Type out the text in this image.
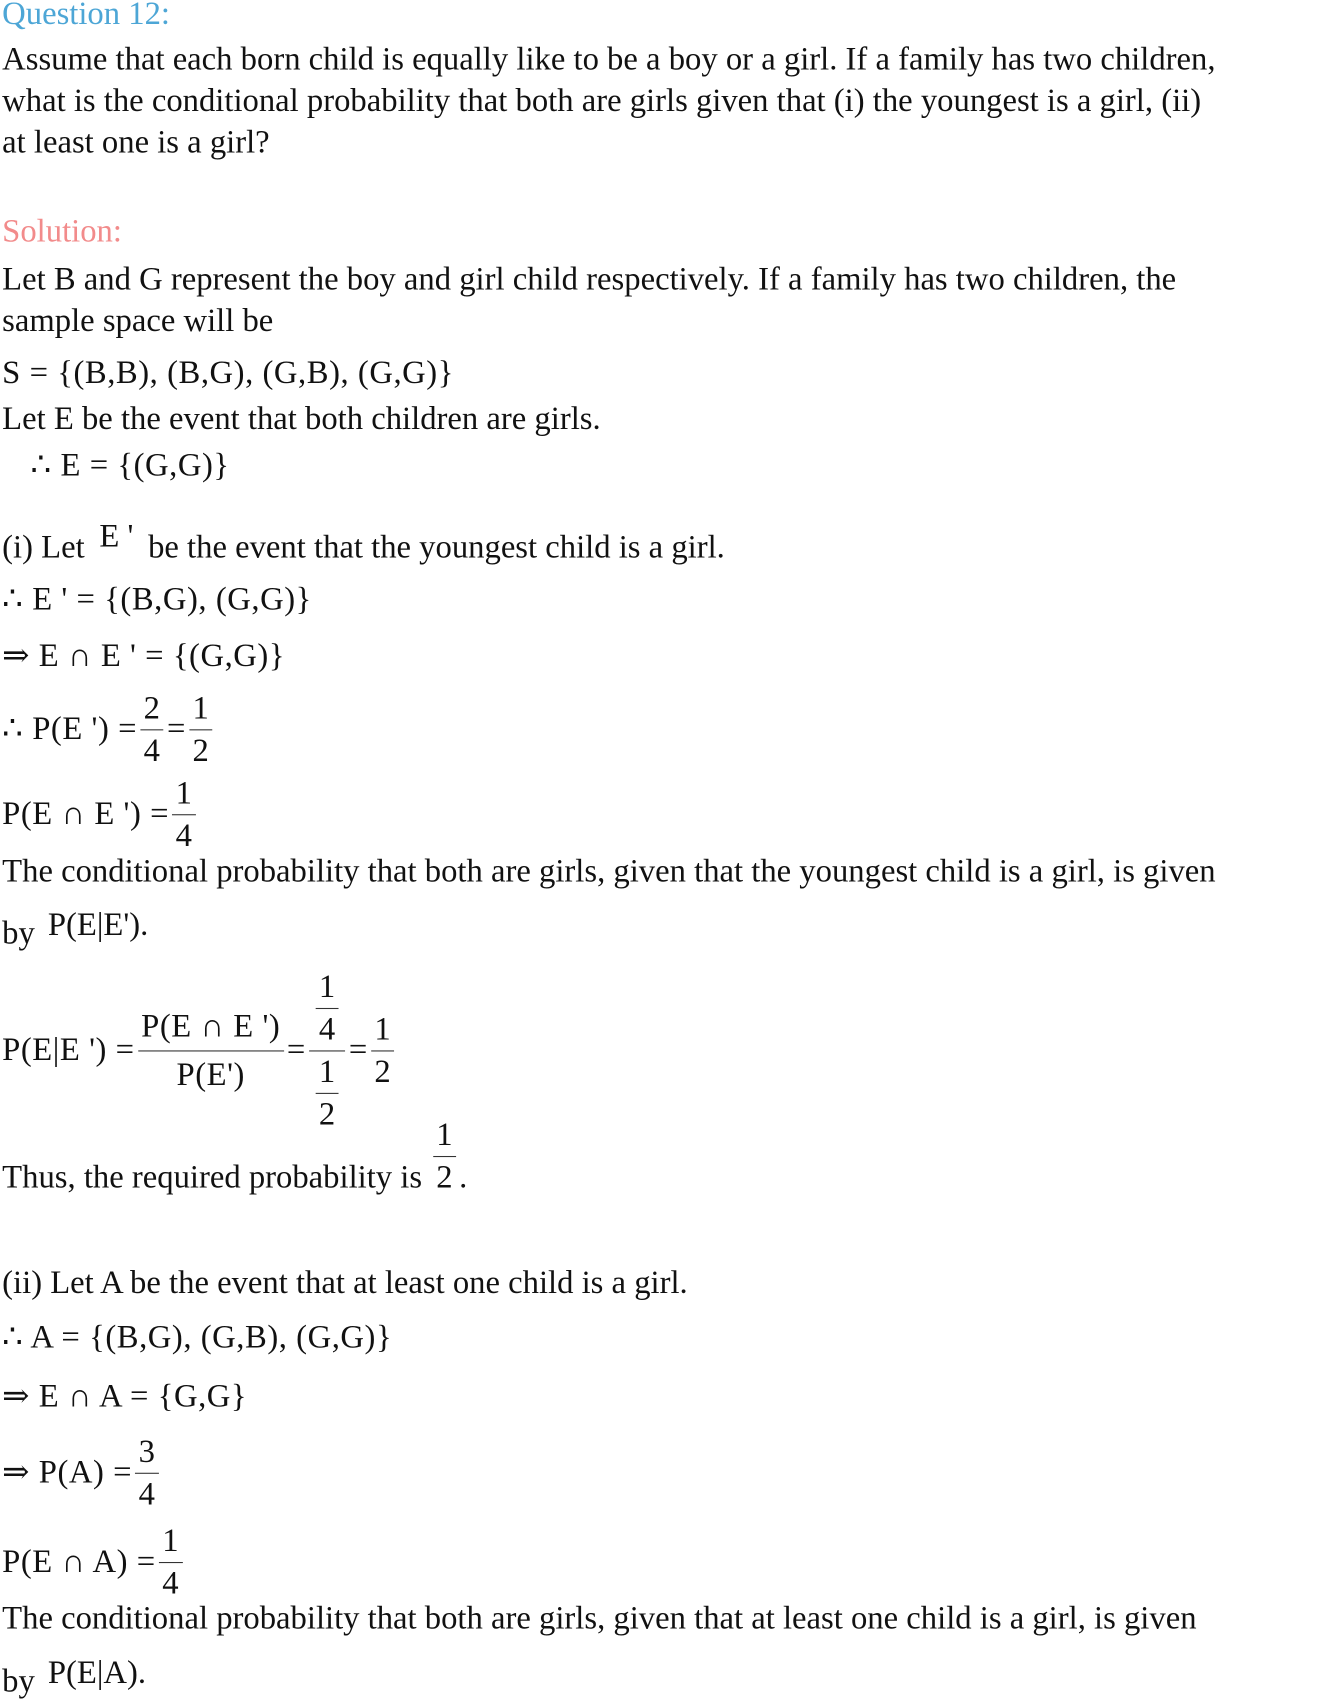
Question 12:
Assume that each born child is equally like to be a boy or a girl. If a family has two children,
what is the conditional probability that both are girls given that (i) the youngest is a girl, (ii)
at least one is a girl?
Solution:
Let B and G represent the boy and girl child respectively. If a family has two children, the
sample space will be
S = {(B,B), (B,G), (G,B), (G,G)}
Let E be the event that both children are girls.
∴ E = {(G,G)}
(i) Let E ' be the event that the youngest child is a girl.
∴ E ' = {(B,G), (G,G)}
⇒ E ∩ E ' = {(G,G)}
∴ P(E ') = $\frac{2}{4} = \frac{1}{2}$
P(E ∩ E ') = $\frac{1}{4}$
The conditional probability that both are girls, given that the youngest child is a girl, is given
by P(E|E').
P(E|E ') = $\frac{P(E \cap E ')}{P(E')} = \frac{\frac{1}{4}}{\frac{1}{2}} = \frac{1}{2}$
Thus, the required probability is $\frac{1}{2}$ .
(ii) Let A be the event that at least one child is a girl.
∴ A = {(B,G), (G,B), (G,G)}
⇒ E ∩ A = {G,G}
⇒ $P(A) = \frac{3}{4}$
P(E ∩ $A) = \frac{1}{4}$
The conditional probability that both are girls, given that at least one child is a girl, is given
by P(E|A).
